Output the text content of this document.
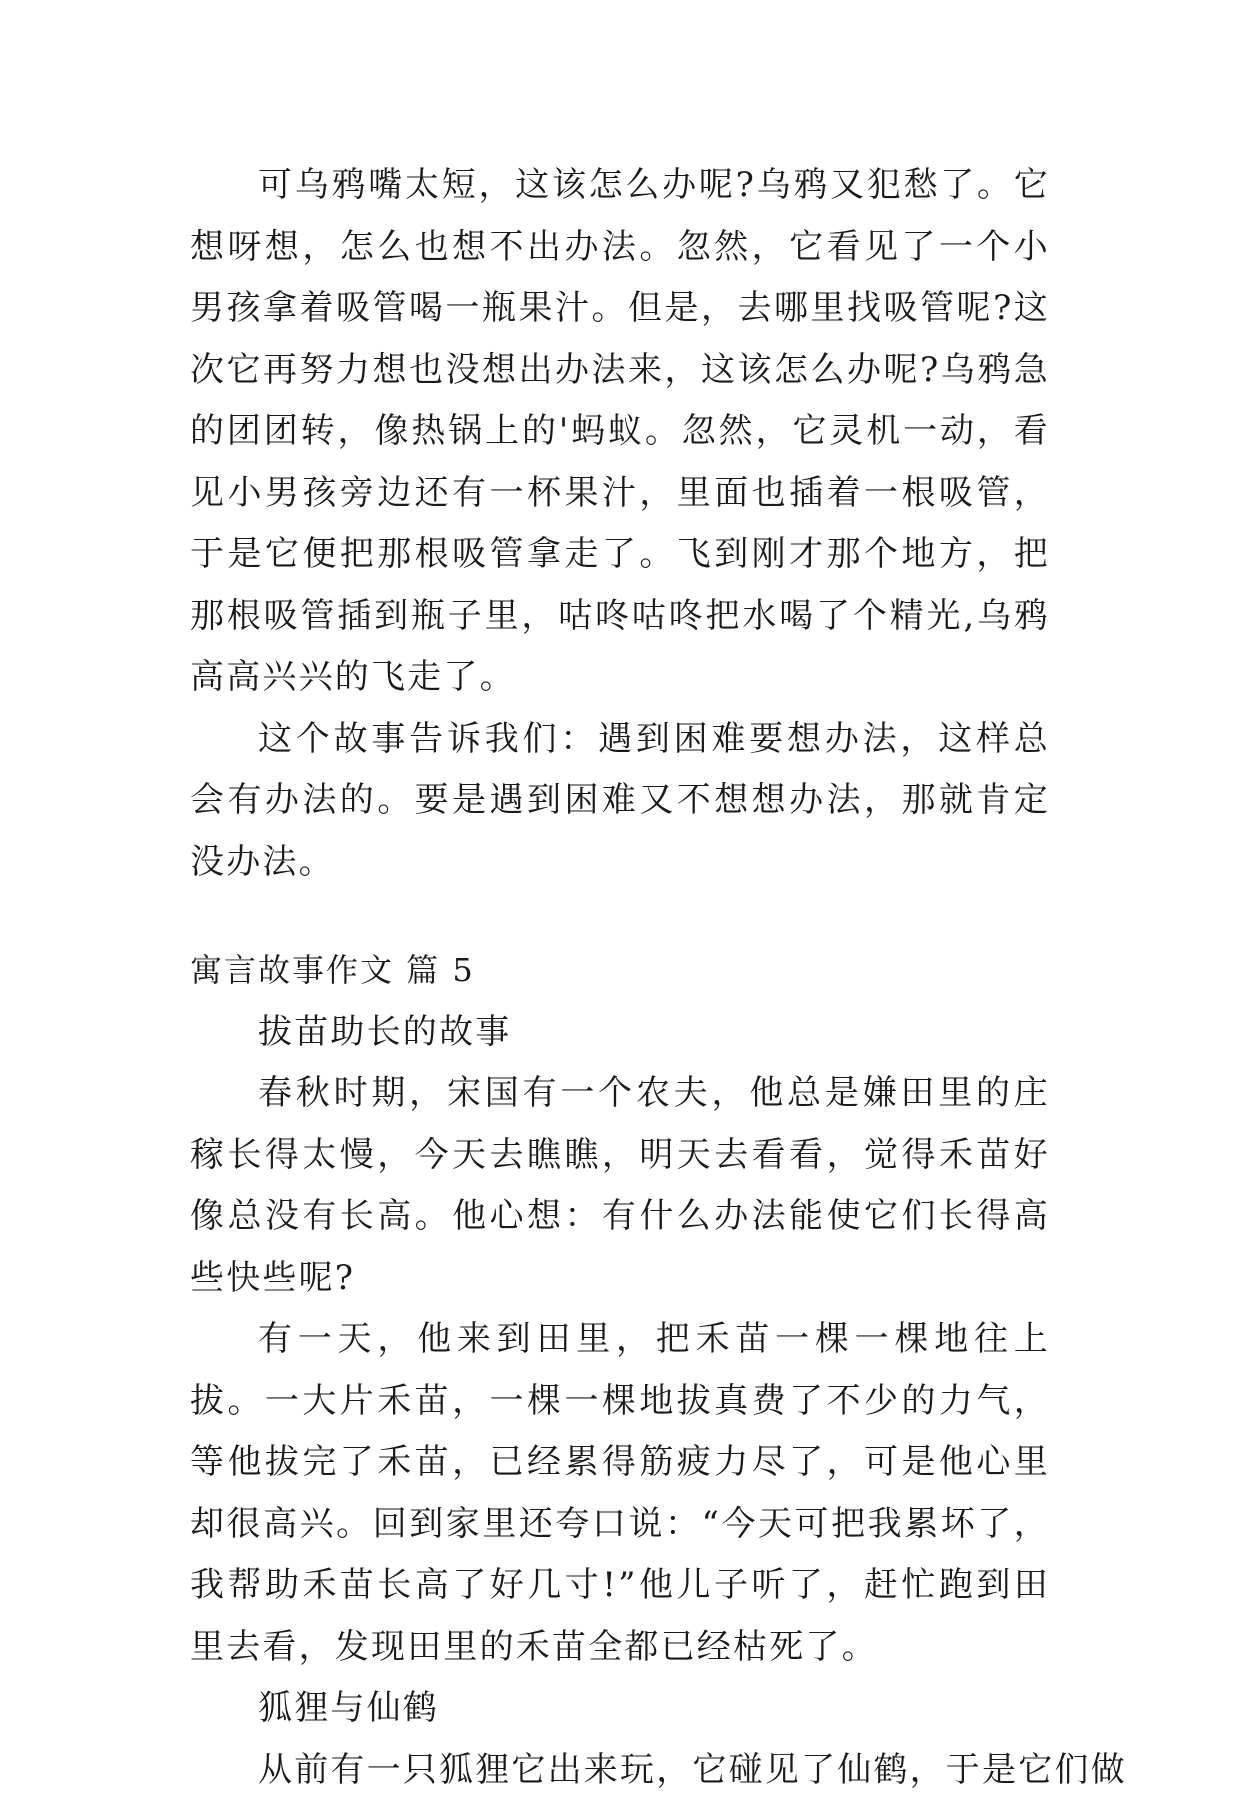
可乌鸦嘴太短，这该怎么办呢?乌鸦又犯愁了。它想呀想，怎么也想不出办法。忽然，它看见了一个小男孩拿着吸管喝一瓶果汁。但是，去哪里找吸管呢?这次它再努力想也没想出办法来，这该怎么办呢?乌鸦急的团团转，像热锅上的'蚂蚁。忽然，它灵机一动，看见小男孩旁边还有一杯果汁，里面也插着一根吸管，于是它便把那根吸管拿走了。飞到刚才那个地方，把那根吸管插到瓶子里，咕咚咕咚把水喝了个精光,乌鸦高高兴兴的飞走了。

这个故事告诉我们：遇到困难要想办法，这样总会有办法的。要是遇到困难又不想想办法，那就肯定没办法。

寓言故事作文 篇 5

拔苗助长的故事

春秋时期，宋国有一个农夫，他总是嫌田里的庄稼长得太慢，今天去瞧瞧，明天去看看，觉得禾苗好像总没有长高。他心想：有什么办法能使它们长得高些快些呢?

有一天，他来到田里，把禾苗一棵一棵地往上拔。一大片禾苗，一棵一棵地拔真费了不少的力气，等他拔完了禾苗，已经累得筋疲力尽了，可是他心里却很高兴。回到家里还夸口说：“今天可把我累坏了，我帮助禾苗长高了好几寸!”他儿子听了，赶忙跑到田里去看，发现田里的禾苗全都已经枯死了。

狐狸与仙鹤

从前有一只狐狸它出来玩，它碰见了仙鹤，于是它们做
